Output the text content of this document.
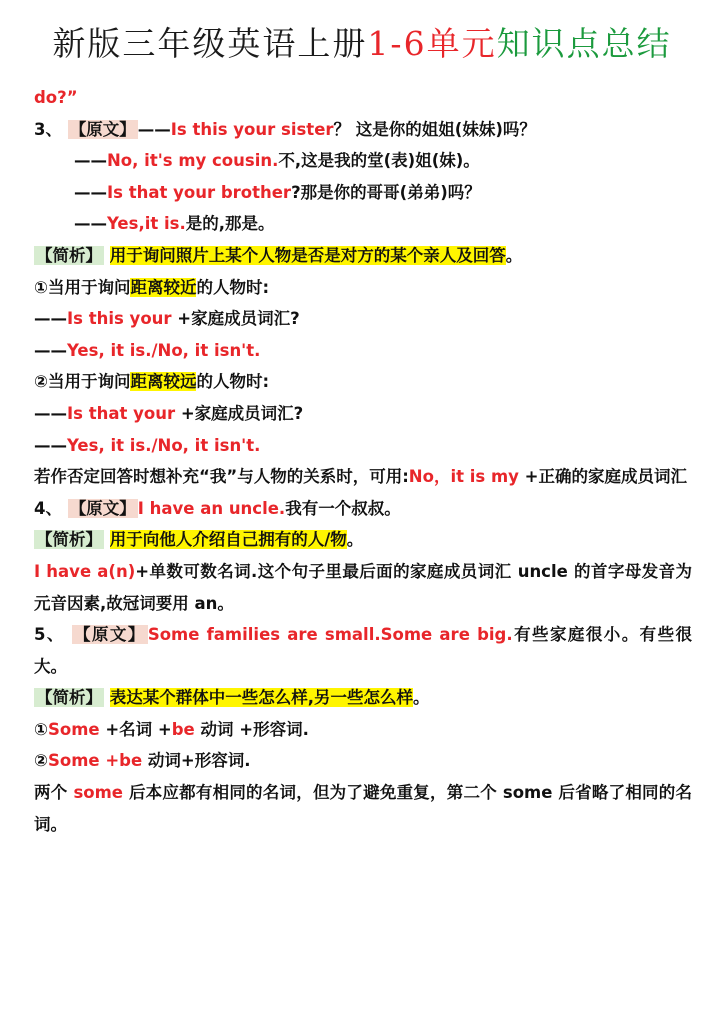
新版三年级英语上册1-6单元知识点总结
do?”
3、 【原文】 ——Is this your sister？ 这是你的姐姐(妹妹)吗？
——No, it's my cousin.不,这是我的堂(表)姐(妹)。
——Is that your brother?那是你的哥哥(弟弟)吗？
——Yes,it is.是的,那是。
【简析】 用于询问照片上某个人物是否是对方的某个亲人及回答。
①当用于询问距离较近的人物时:
——Is this your +家庭成员词汇?
——Yes, it is./No, it isn't.
②当用于询问距离较远的人物时:
——Is that your +家庭成员词汇?
——Yes, it is./No, it isn't.
若作否定回答时想补充“我”与人物的关系时，可用:No，it is my +正确的家庭成员词汇
4、 【原文】 I have an uncle.我有一个叔叔。
【简析】 用于向他人介绍自己拥有的人/物。
I have a(n)+单数可数名词.这个句子里最后面的家庭成员词汇 uncle 的首字母发音为元音因素,故冠词要用 an。
5、 【原文】 Some families are small.Some are big.有些家庭很小。有些很大。
【简析】 表达某个群体中一些怎么样,另一些怎么样。
①Some +名词 +be 动词 +形容词.
②Some +be 动词+形容词.
两个 some 后本应都有相同的名词，但为了避免重复，第二个 some 后省略了相同的名词。
